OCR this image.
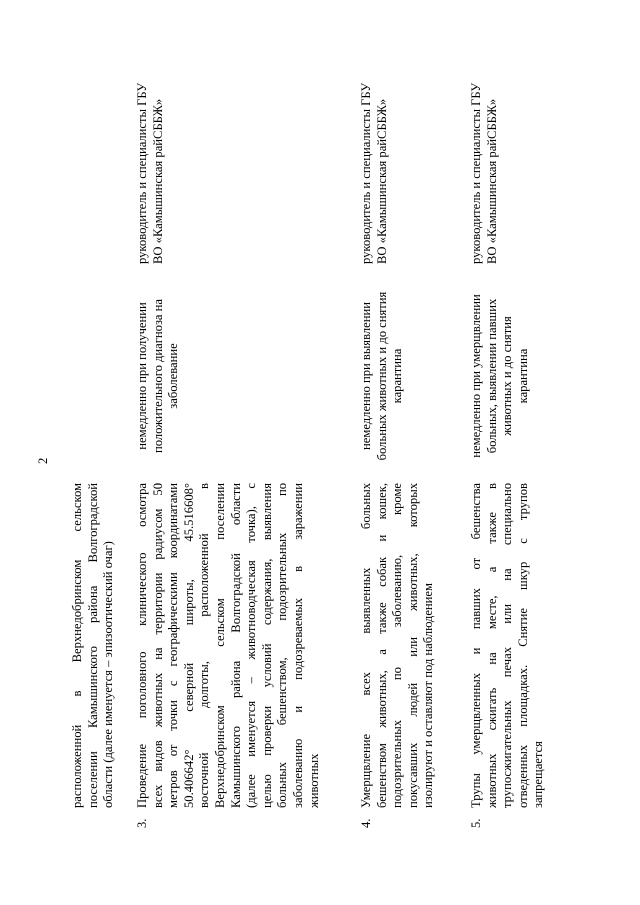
2
расположенной в Верхнедобринском сельском поселении Камышинского района Волгоградской области (далее именуется – эпизоотический очаг)
3.
Проведение поголовного клинического осмотра всех видов животных на территории радиусом 50 метров от точки с географическими координатами 50.406642° северной широты, 45.516608° восточной долготы, расположенной в Верхнедобринском сельском поселении Камышинского района Волгоградской области (далее именуется – животноводческая точка), с целью проверки условий содержания, выявления больных бешенством, подозрительных по заболеванию и подозреваемых в заражении животных
немедленно при получении положительного диагноза на заболевание
руководитель и специалисты ГБУ ВО «Камышинская райСББЖ»
4.
Умерщвление всех выявленных больных бешенством животных, а также собак и кошек, подозрительных по заболеванию, кроме покусавших людей или животных, которых изолируют и оставляют под наблюдением
немедленно при выявлении больных животных и до снятия карантина
руководитель и специалисты ГБУ ВО «Камышинская райСББЖ»
5.
Трупы умерщвленных и павших от бешенства животных сжигать на месте, а также в трупосжигательных печах или на специально отведенных площадках. Снятие шкур с трупов запрещается
немедленно при умерщвлении больных, выявлении павших животных и до снятия карантина
руководитель и специалисты ГБУ ВО «Камышинская райСББЖ»
